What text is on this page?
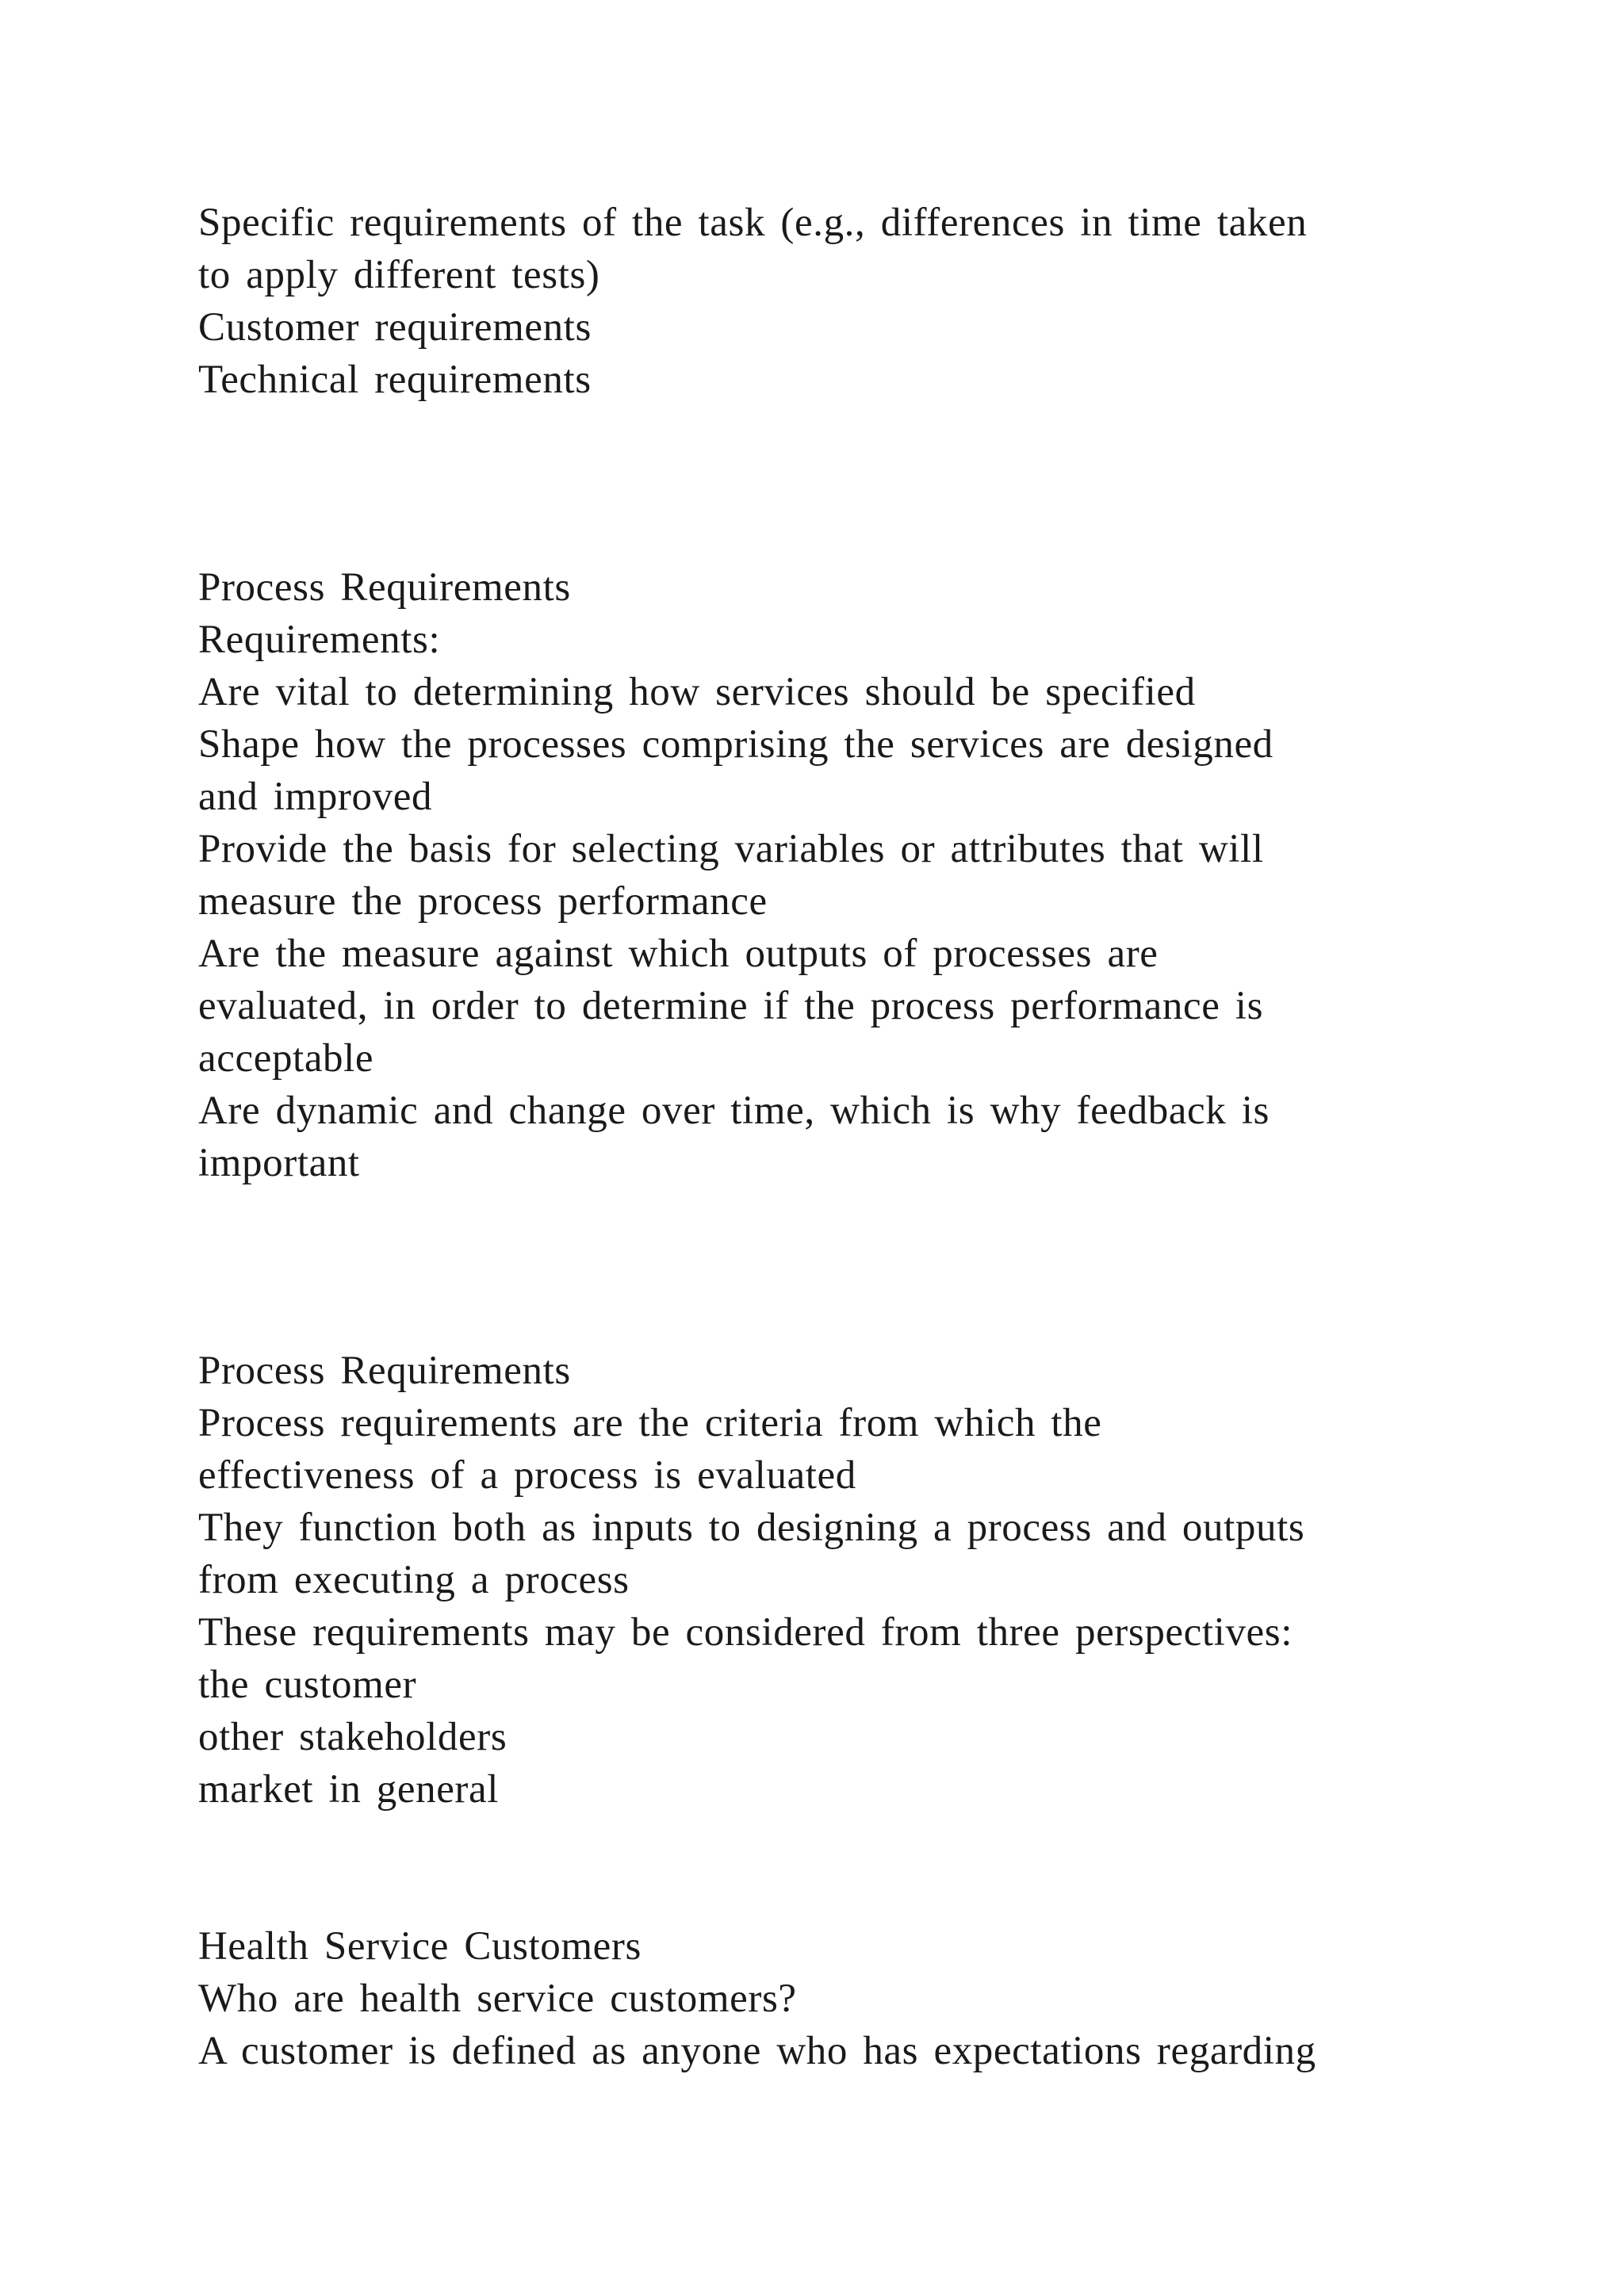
Specific requirements of the task (e.g., differences in time taken

to apply different tests)

Customer requirements

Technical requirements

Process Requirements

Requirements:

Are vital to determining how services should be specified

Shape how the processes comprising the services are designed

and improved

Provide the basis for selecting variables or attributes that will

measure the process performance

Are the measure against which outputs of processes are

evaluated, in order to determine if the process performance is

acceptable

Are dynamic and change over time, which is why feedback is

important

Process Requirements

Process requirements are the criteria from which the

effectiveness of a process is evaluated

They function both as inputs to designing a process and outputs

from executing a process

These requirements may be considered from three perspectives:

the customer

other stakeholders

market in general

Health Service Customers

Who are health service customers?

A customer is defined as anyone who has expectations regarding
